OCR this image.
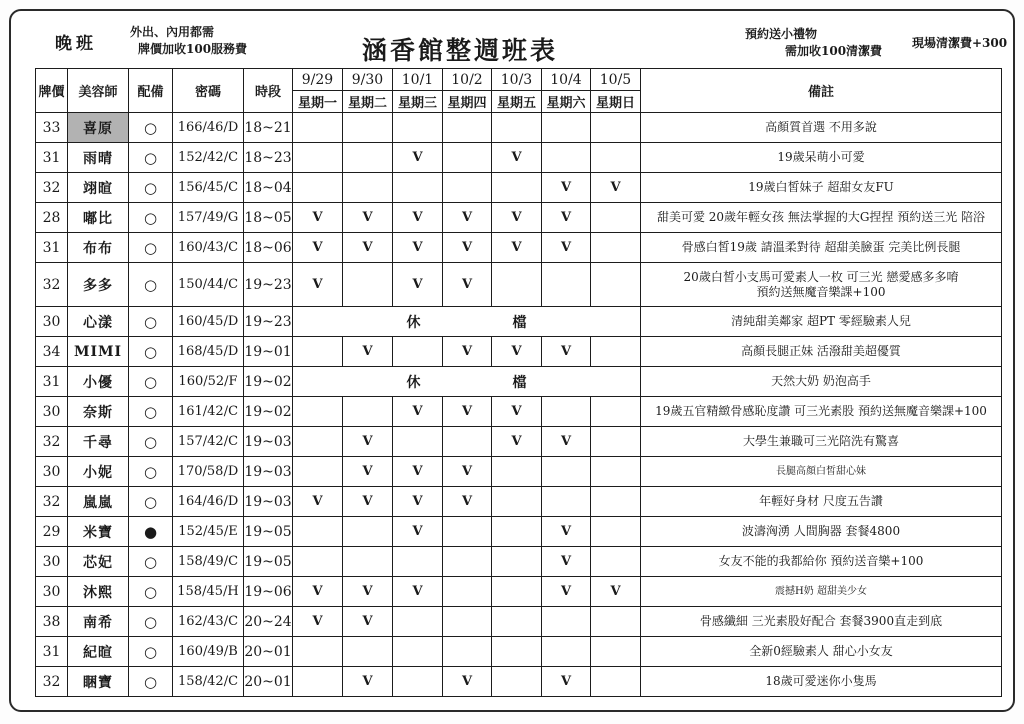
晚班
外出、內用都需
牌價加收100服務費	涵香館整週班表
預約送小禮物
需加收100清潔費
現場清潔費+300
牌價	美容師	配備	密碼	時段	9/29	9/30	10/1	10/2	10/3	10/4	10/5	備註
					星期一	星期二	星期三	星期四	星期五	星期六	星期日	
33	喜原	○	166/46/D	18~21								高顏質首選 不用多說

31	雨晴	○	152/42/C	18~23			V		V			19歲呆萌小可愛

32	翊暄	○	156/45/C	18~04						V	V	19歲白皙妹子 超甜女友FU

28	嘟比	○	157/49/G	18~05	V	V	V	V	V	V		甜美可愛 20歲年輕女孩 無法掌握的大G捏捏 預約送三光 陪浴

31	布布	○	160/43/C	18~06	V	V	V	V	V	V		骨感白皙19歲 請溫柔對待 超甜美臉蛋 完美比例長腿

32	多多	○	150/44/C	19~23	V		V	V				20歲白皙小支馬可愛素人一枚 可三光 戀愛感多多唷
預約送無魔音樂課+100

30	心漾	○	160/45/D	19~23	休 檔							清純甜美鄰家 超PT 零經驗素人兒

34	MIMI	○	168/45/D	19~01		V		V	V	V		高顏長腿正妹 活潑甜美超優質

31	小優	○	160/52/F	19~02	休 檔							天然大奶 奶泡高手

30	奈斯	○	161/42/C	19~02			V	V	V			19歲五官精緻骨感恥度讚 可三光素股 預約送無魔音樂課+100

32	千尋	○	157/42/C	19~03		V			V	V		大學生兼職可三光陪洗有驚喜

30	小妮	○	170/58/D	19~03		V	V	V				長腿高顏白皙甜心妹

32	嵐嵐	○	164/46/D	19~03	V	V	V	V				年輕好身材 尺度五告讚

29	米寶	●	152/45/E	19~05			V			V		波濤洶湧 人間胸器 套餐4800

30	芯妃	○	158/49/C	19~05						V		女友不能的我都給你 預約送音樂+100

30	沐熙	○	158/45/H	19~06	V	V	V			V	V	震撼H奶 超甜美少女

38	南希	○	162/43/C	20~24	V	V						骨感纖細 三光素股好配合 套餐3900直走到底

31	紀暄	○	160/49/B	20~01								全新0經驗素人 甜心小女友

32	睏寶	○	158/42/C	20~01		V		V		V		18歲可愛迷你小隻馬
